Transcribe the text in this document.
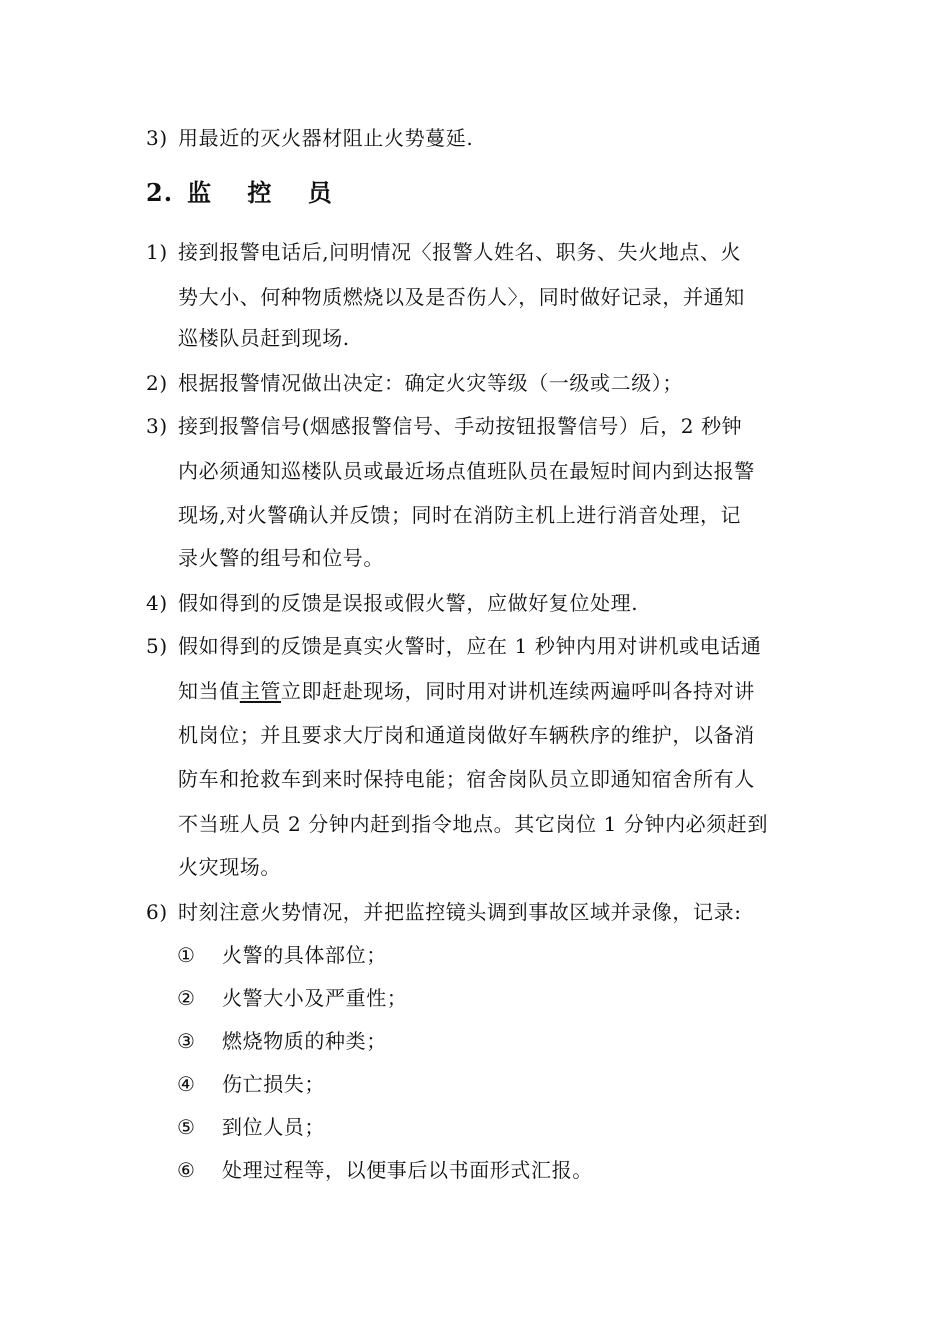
3) 用最近的灭火器材阻止火势蔓延.
2. 监 控 员
1) 接到报警电话后,问明情况〈报警人姓名、职务、失火地点、火
势大小、何种物质燃烧以及是否伤人〉，同时做好记录，并通知
巡楼队员赶到现场.
2) 根据报警情况做出决定：确定火灾等级（一级或二级）；
3) 接到报警信号(烟感报警信号、手动按钮报警信号）后，2 秒钟
内必须通知巡楼队员或最近场点值班队员在最短时间内到达报警
现场,对火警确认并反馈；同时在消防主机上进行消音处理，记
录火警的组号和位号。
4) 假如得到的反馈是误报或假火警，应做好复位处理.
5) 假如得到的反馈是真实火警时，应在 1 秒钟内用对讲机或电话通
知当值主管立即赶赴现场，同时用对讲机连续两遍呼叫各持对讲
机岗位；并且要求大厅岗和通道岗做好车辆秩序的维护，以备消
防车和抢救车到来时保持电能；宿舍岗队员立即通知宿舍所有人
不当班人员 2 分钟内赶到指令地点。其它岗位 1 分钟内必须赶到
火灾现场。
6) 时刻注意火势情况，并把监控镜头调到事故区域并录像，记录:
① 火警的具体部位；
② 火警大小及严重性；
③ 燃烧物质的种类；
④ 伤亡损失；
⑤ 到位人员；
⑥ 处理过程等，以便事后以书面形式汇报。
